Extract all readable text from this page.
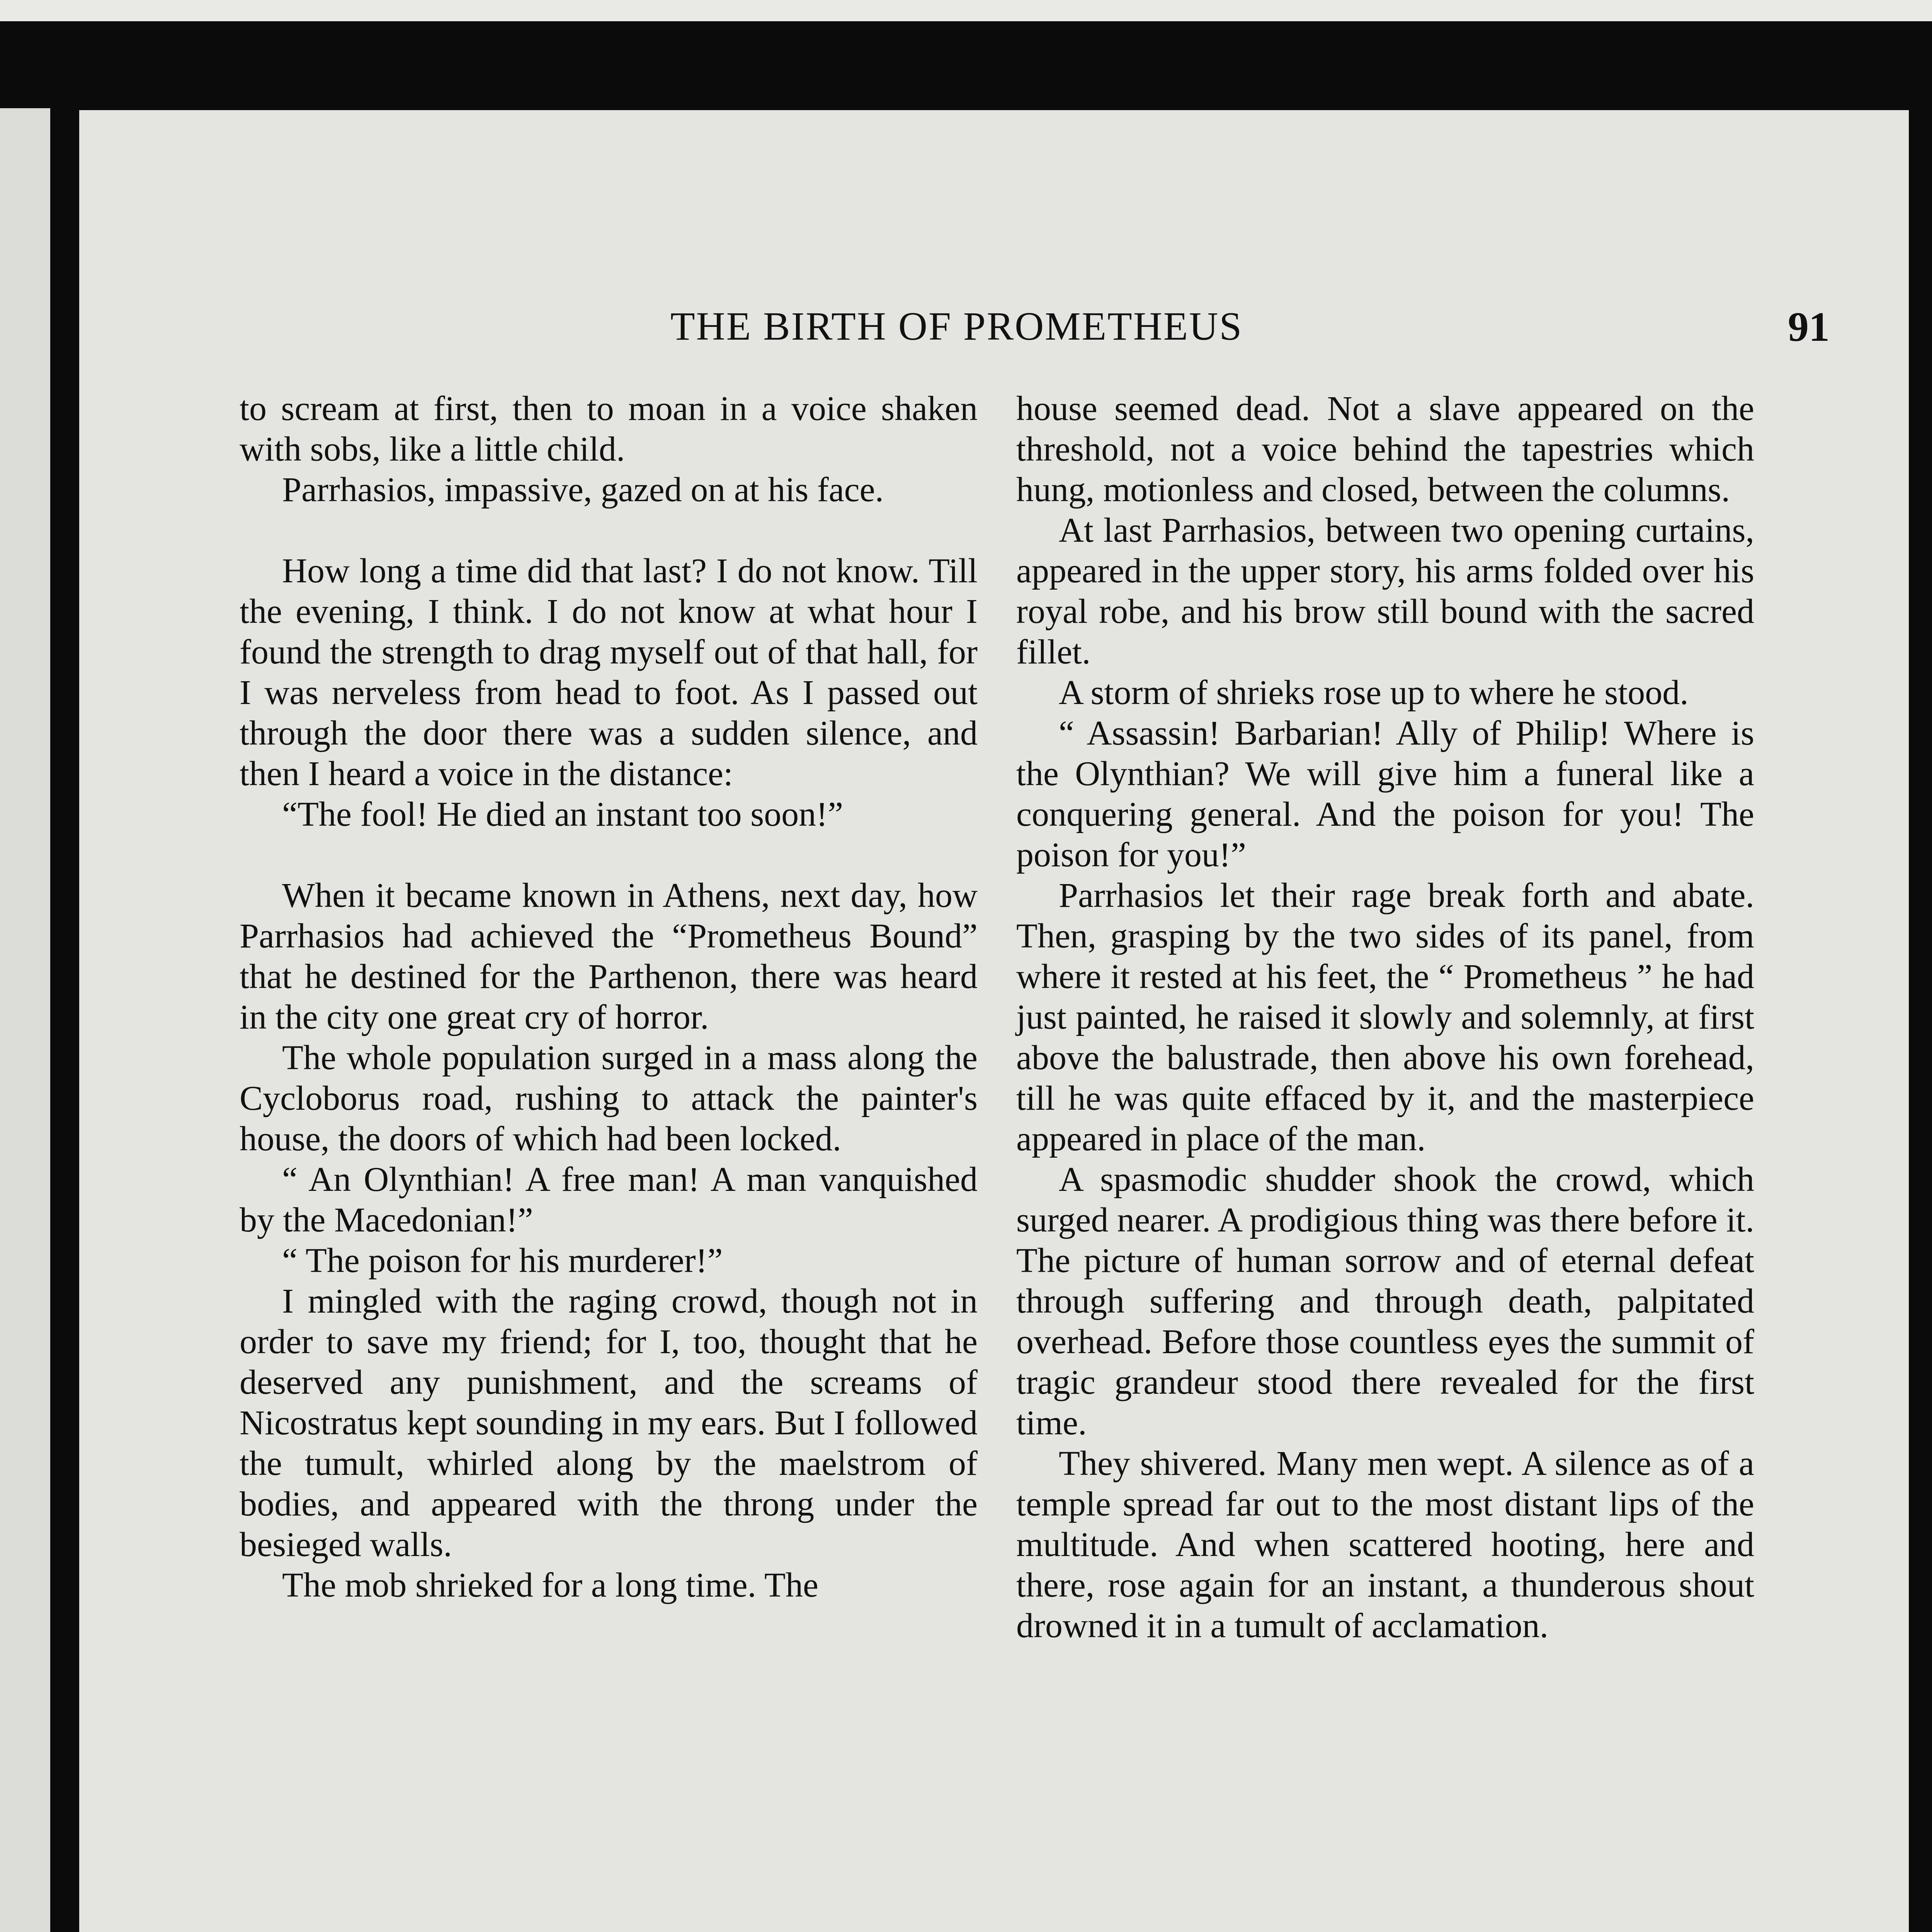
THE BIRTH OF PROMETHEUS	91

to scream at first, then to moan in a voice shaken with sobs, like a little child.

Parrhasios, impassive, gazed on at his face.

How long a time did that last? I do not know. Till the evening, I think. I do not know at what hour I found the strength to drag myself out of that hall, for I was nerveless from head to foot. As I passed out through the door there was a sudden silence, and then I heard a voice in the distance:

“The fool! He died an instant too soon!”

When it became known in Athens, next day, how Parrhasios had achieved the “Prometheus Bound” that he destined for the Parthenon, there was heard in the city one great cry of horror.

The whole population surged in a mass along the Cycloborus road, rushing to attack the painter's house, the doors of which had been locked.

“ An Olynthian! A free man! A man vanquished by the Macedonian!”

“ The poison for his murderer!”

I mingled with the raging crowd, though not in order to save my friend; for I, too, thought that he deserved any punishment, and the screams of Nicostratus kept sounding in my ears. But I followed the tumult, whirled along by the maelstrom of bodies, and appeared with the throng under the besieged walls.

The mob shrieked for a long time. The

house seemed dead. Not a slave appeared on the threshold, not a voice behind the tapestries which hung, motionless and closed, between the columns.

At last Parrhasios, between two opening curtains, appeared in the upper story, his arms folded over his royal robe, and his brow still bound with the sacred fillet.

A storm of shrieks rose up to where he stood.

“ Assassin! Barbarian! Ally of Philip! Where is the Olynthian? We will give him a funeral like a conquering general. And the poison for you! The poison for you!”

Parrhasios let their rage break forth and abate. Then, grasping by the two sides of its panel, from where it rested at his feet, the “ Prometheus ” he had just painted, he raised it slowly and solemnly, at first above the balustrade, then above his own forehead, till he was quite effaced by it, and the masterpiece appeared in place of the man.

A spasmodic shudder shook the crowd, which surged nearer. A prodigious thing was there before it. The picture of human sorrow and of eternal defeat through suffering and through death, palpitated overhead. Before those countless eyes the summit of tragic grandeur stood there revealed for the first time.

They shivered. Many men wept. A silence as of a temple spread far out to the most distant lips of the multitude. And when scattered hooting, here and there, rose again for an instant, a thunderous shout drowned it in a tumult of acclamation.
